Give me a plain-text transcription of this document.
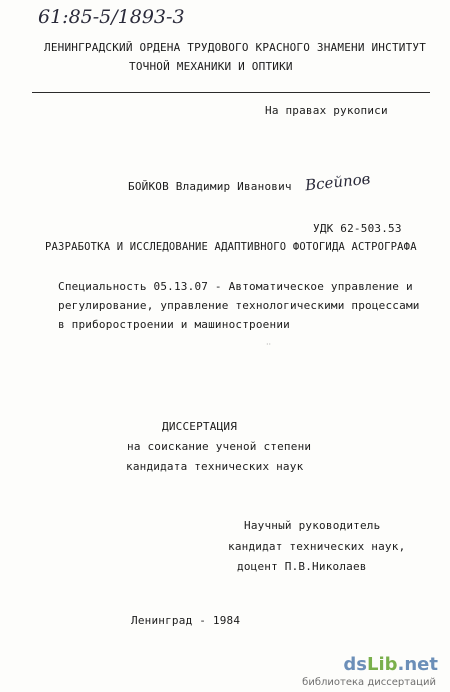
61:85-5/1893-3
ЛЕНИНГРАДСКИЙ ОРДЕНА ТРУДОВОГО КРАСНОГО ЗНАМЕНИ ИНСТИТУТ
ТОЧНОЙ МЕХАНИКИ И ОПТИКИ
На правах рукописи
БОЙКОВ Владимир Иванович Всейпов
УДК 62-503.53
РАЗРАБОТКА И ИССЛЕДОВАНИЕ АДАПТИВНОГО ФОТОГИДА АСТРОГРАФА
Специальность 05.13.07 - Автоматическое управление и
регулирование, управление технологическими процессами
в приборостроении и машиностроении
··
ДИССЕРТАЦИЯ
на соискание ученой степени
кандидата технических наук
Научный руководитель
кандидат технических наук,
доцент П.В.Николаев
Ленинград - 1984
dsLib.net
библиотека диссертаций
